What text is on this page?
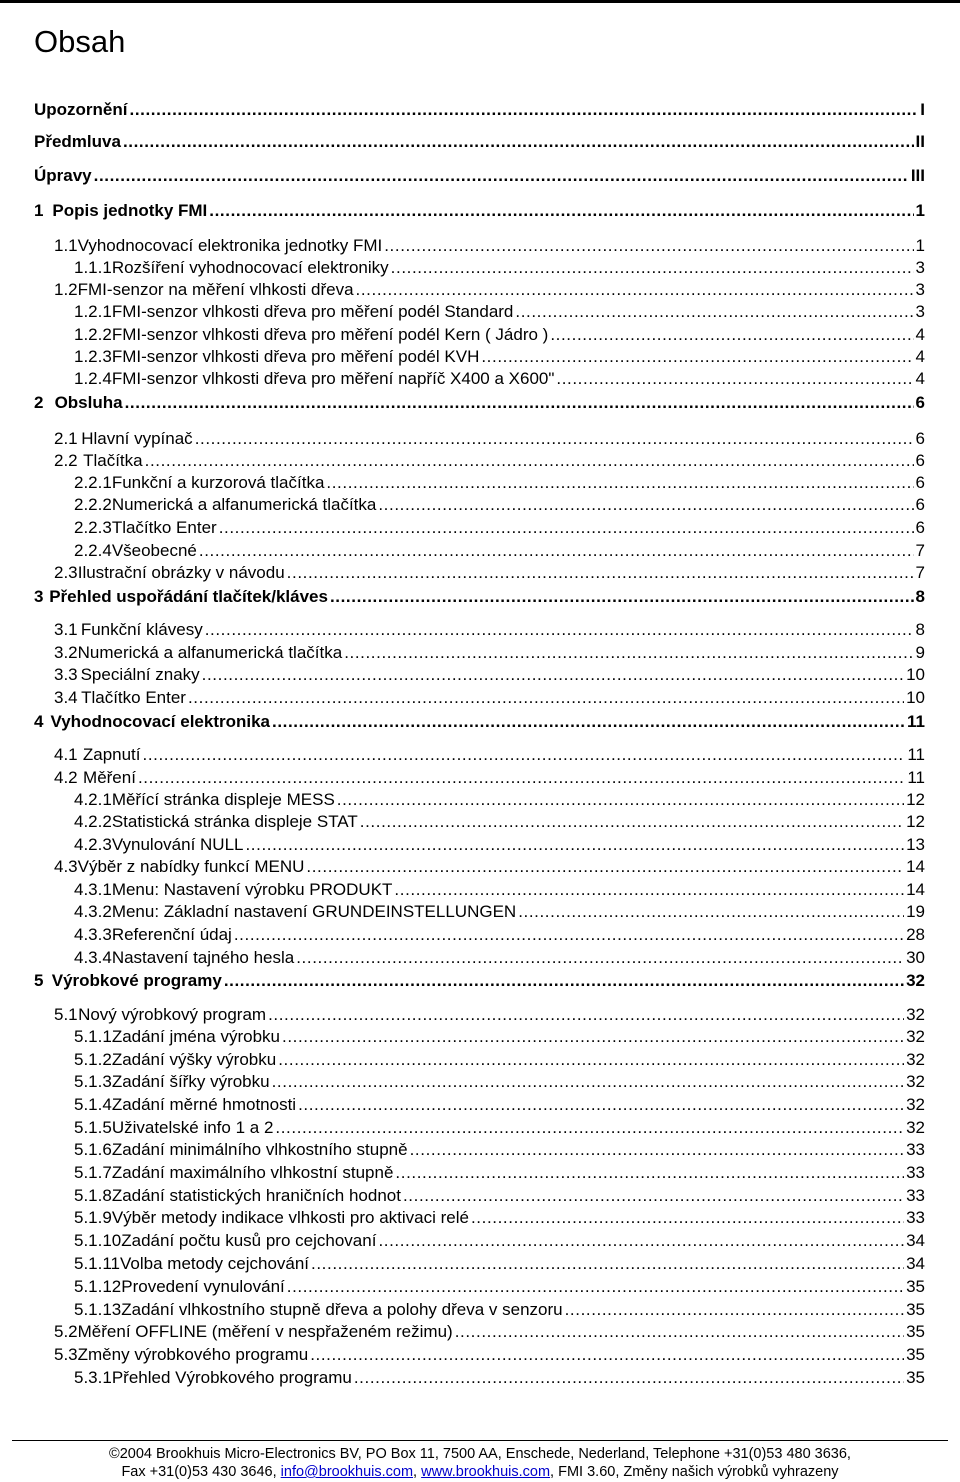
Obsah
Upozornění .....	I
Předmluva .....	II
Úpravy .....	III
1 Popis jednotky FMI .....	1
1.1 Vyhodnocovací elektronika jednotky FMI .....	1
1.1.1 Rozšíření vyhodnocovací elektroniky .....	3
1.2 FMI-senzor na měření vlhkosti dřeva .....	3
1.2.1 FMI-senzor vlhkosti dřeva pro měření podél Standard .....	3
1.2.2 FMI-senzor vlhkosti dřeva pro měření podél Kern ( Jádro ) .....	4
1.2.3 FMI-senzor vlhkosti dřeva pro měření podél KVH .....	4
1.2.4 FMI-senzor vlhkosti dřeva pro měření napříč X400 a X600" .....	4
2 Obsluha .....	6
2.1 Hlavní vypínač .....	6
2.2 Tlačítka .....	6
2.2.1 Funkční a kurzorová tlačítka .....	6
2.2.2 Numerická a alfanumerická tlačítka .....	6
2.2.3 Tlačítko Enter .....	6
2.2.4 Všeobecné .....	7
2.3 Ilustrační obrázky v návodu .....	7
3 Přehled uspořádání tlačítek/kláves .....	8
3.1 Funkční klávesy .....	8
3.2 Numerická a alfanumerická tlačítka .....	9
3.3 Speciální znaky .....	10
3.4 Tlačítko Enter .....	10
4 Vyhodnocovací elektronika .....	11
4.1 Zapnutí .....	11
4.2 Měření .....	11
4.2.1 Měřící stránka displeje MESS .....	12
4.2.2 Statistická stránka displeje STAT .....	12
4.2.3 Vynulování NULL .....	13
4.3 Výběr z nabídky funkcí MENU .....	14
4.3.1 Menu: Nastavení výrobku PRODUKT .....	14
4.3.2 Menu: Základní nastavení GRUNDEINSTELLUNGEN .....	19
4.3.3 Referenční údaj .....	28
4.3.4 Nastavení tajného hesla .....	30
5 Výrobkové programy .....	32
5.1 Nový výrobkový program .....	32
5.1.1 Zadání jména výrobku .....	32
5.1.2 Zadání výšky výrobku .....	32
5.1.3 Zadání šířky výrobku .....	32
5.1.4 Zadání měrné hmotnosti .....	32
5.1.5 Uživatelské info 1 a 2 .....	32
5.1.6 Zadání minimálního vlhkostního stupně .....	33
5.1.7 Zadání maximálního vlhkostní stupně .....	33
5.1.8 Zadání statistických hraničních hodnot .....	33
5.1.9 Výběr metody indikace vlhkosti pro aktivaci relé .....	33
5.1.10 Zadání počtu kusů pro cejchovaní .....	34
5.1.11 Volba metody cejchování .....	34
5.1.12 Provedení vynulování .....	35
5.1.13 Zadání vlhkostního stupně dřeva a polohy dřeva v senzoru .....	35
5.2 Měření OFFLINE (měření v nespřaženém režimu) .....	35
5.3 Změny výrobkového programu .....	35
5.3.1 Přehled Výrobkového programu .....	35
©2004 Brookhuis Micro-Electronics BV, PO Box 11, 7500 AA, Enschede, Nederland, Telephone +31(0)53 480 3636,
Fax +31(0)53 430 3646, info@brookhuis.com, www.brookhuis.com, FMI 3.60, Změny našich výrobků vyhrazeny
